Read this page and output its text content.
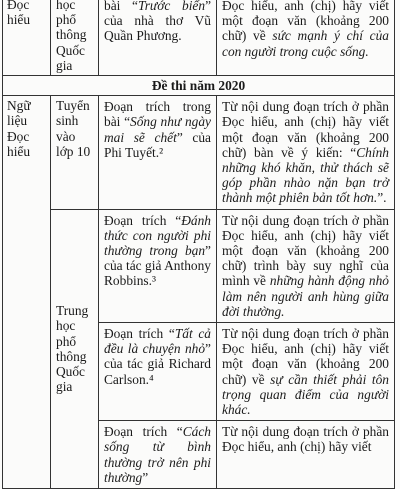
Đọc hiểu	học phổ thông Quốc gia	bài “Trước biển” của nhà thơ Vũ Quần Phương.	Đọc hiểu, anh (chị) hãy viết một đoạn văn (khoảng 200 chữ) về sức mạnh ý chí của con người trong cuộc sống.
Đề thi năm 2020			
Ngữ liệu Đọc hiểu	Tuyển sinh vào lớp 10	Đoạn trích trong bài “Sống như ngày mai sẽ chết” của Phi Tuyết.²	Từ nội dung đoạn trích ở phần Đọc hiểu, anh (chị) hãy viết một đoạn văn (khoảng 200 chữ) bàn về ý kiến: “Chính những khó khăn, thử thách sẽ góp phần nhào nặn bạn trở thành một phiên bản tốt hơn.”.
	Trung học phổ thông Quốc gia	Đoạn trích “Đánh thức con người phi thường trong bạn” của tác giả Anthony Robbins.³	Từ nội dung đoạn trích ở phần Đọc hiểu, anh (chị) hãy viết một đoạn văn (khoảng 200 chữ) trình bày suy nghĩ của mình về những hành động nhỏ làm nên người anh hùng giữa đời thường.
		Đoạn trích “Tất cả đều là chuyện nhỏ” của tác giả Richard Carlson.⁴	Từ nội dung đoạn trích ở phần Đọc hiểu, anh (chị) hãy viết một đoạn văn (khoảng 200 chữ) về sự cần thiết phải tôn trọng quan điểm của người khác.
		Đoạn trích “Cách sống từ bình thường trở nên phi thường”	Từ nội dung đoạn trích ở phần Đọc hiểu, anh (chị) hãy viết
